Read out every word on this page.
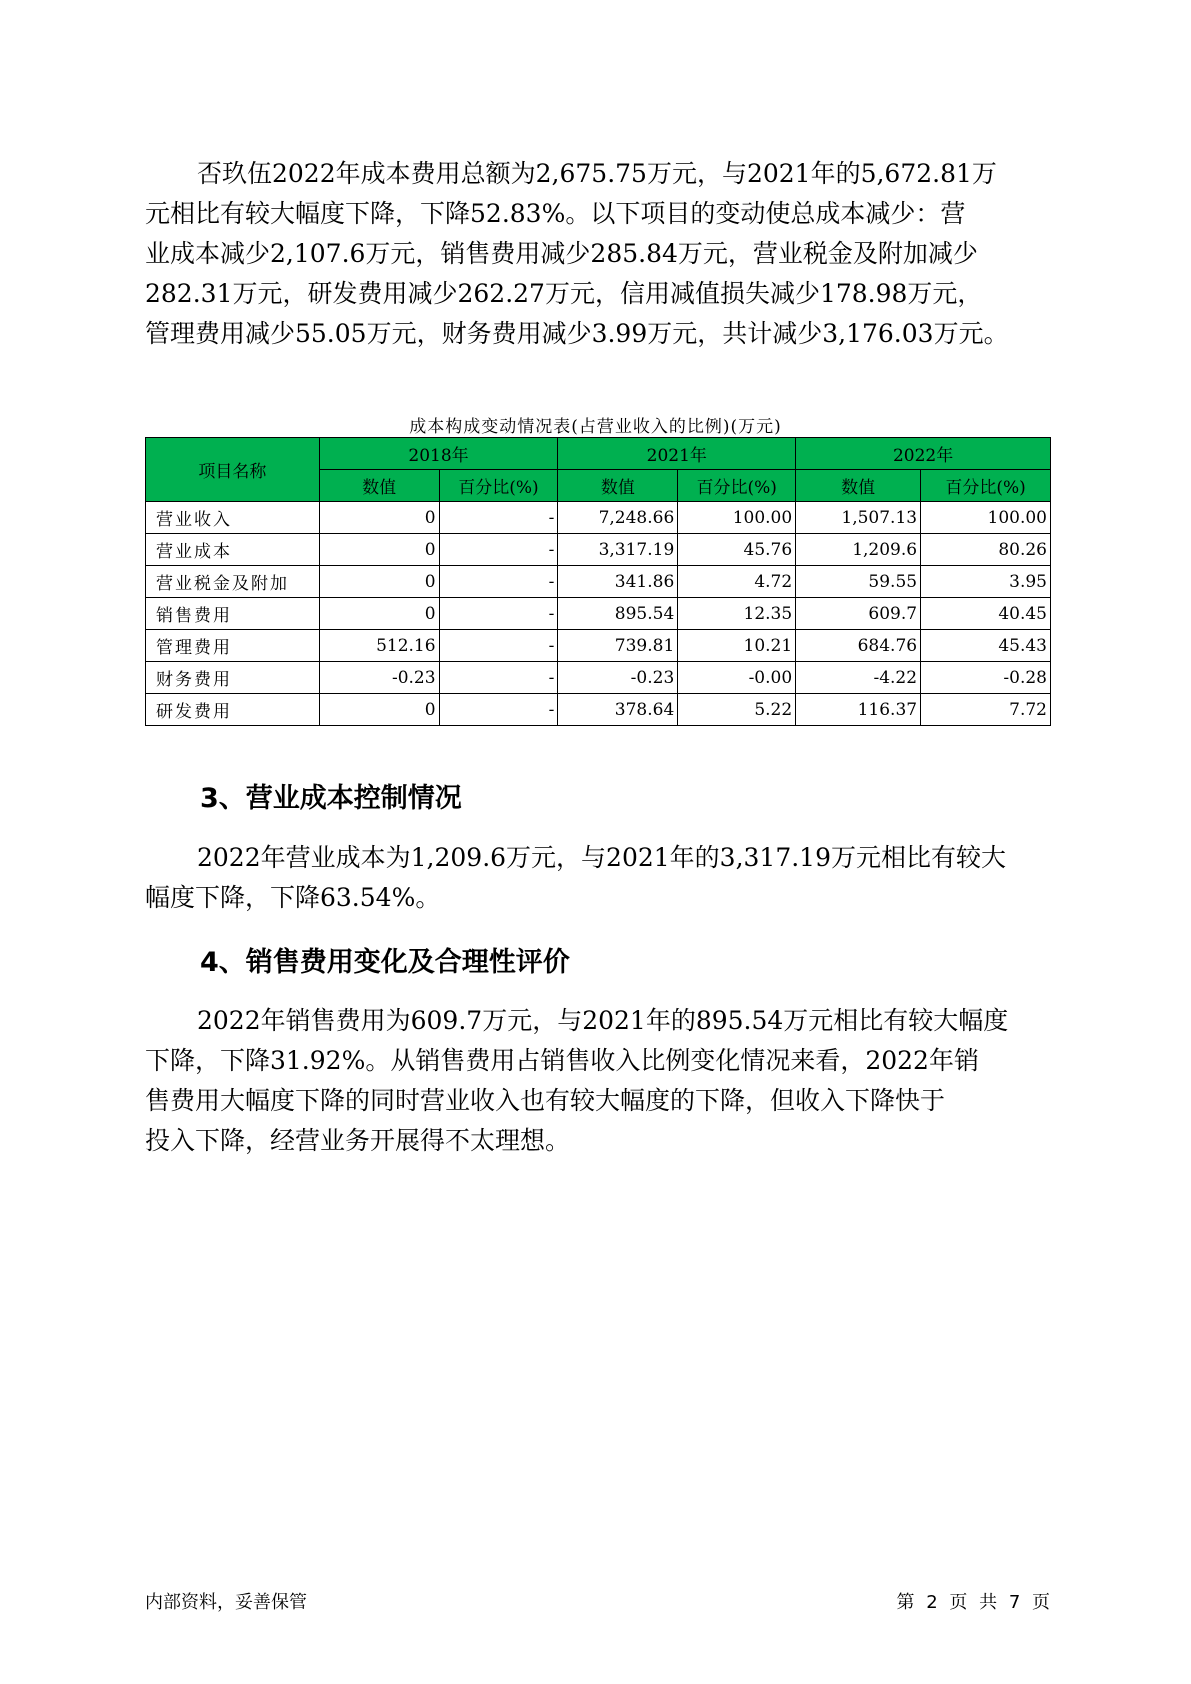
否玖伍2022年成本费用总额为2,675.75万元，与2021年的5,672.81万
元相比有较大幅度下降，下降52.83%。以下项目的变动使总成本减少：营
业成本减少2,107.6万元，销售费用减少285.84万元，营业税金及附加减少
282.31万元，研发费用减少262.27万元，信用减值损失减少178.98万元，
管理费用减少55.05万元，财务费用减少3.99万元，共计减少3,176.03万元。
成本构成变动情况表(占营业收入的比例)(万元)
项目名称	2018年		2021年		2022年	
	数值	百分比(%)	数值	百分比(%)	数值	百分比(%)
营业收入	0	-	7,248.66	100.00	1,507.13	100.00
营业成本	0	-	3,317.19	45.76	1,209.6	80.26
营业税金及附加	0	-	341.86	4.72	59.55	3.95
销售费用	0	-	895.54	12.35	609.7	40.45
管理费用	512.16	-	739.81	10.21	684.76	45.43
财务费用	-0.23	-	-0.23	-0.00	-4.22	-0.28
研发费用	0	-	378.64	5.22	116.37	7.72
3、营业成本控制情况
2022年营业成本为1,209.6万元，与2021年的3,317.19万元相比有较大
幅度下降，下降63.54%。
4、销售费用变化及合理性评价
2022年销售费用为609.7万元，与2021年的895.54万元相比有较大幅度
下降，下降31.92%。从销售费用占销售收入比例变化情况来看，2022年销
售费用大幅度下降的同时营业收入也有较大幅度的下降，但收入下降快于
投入下降，经营业务开展得不太理想。
内部资料，妥善保管	第 2 页 共 7 页
